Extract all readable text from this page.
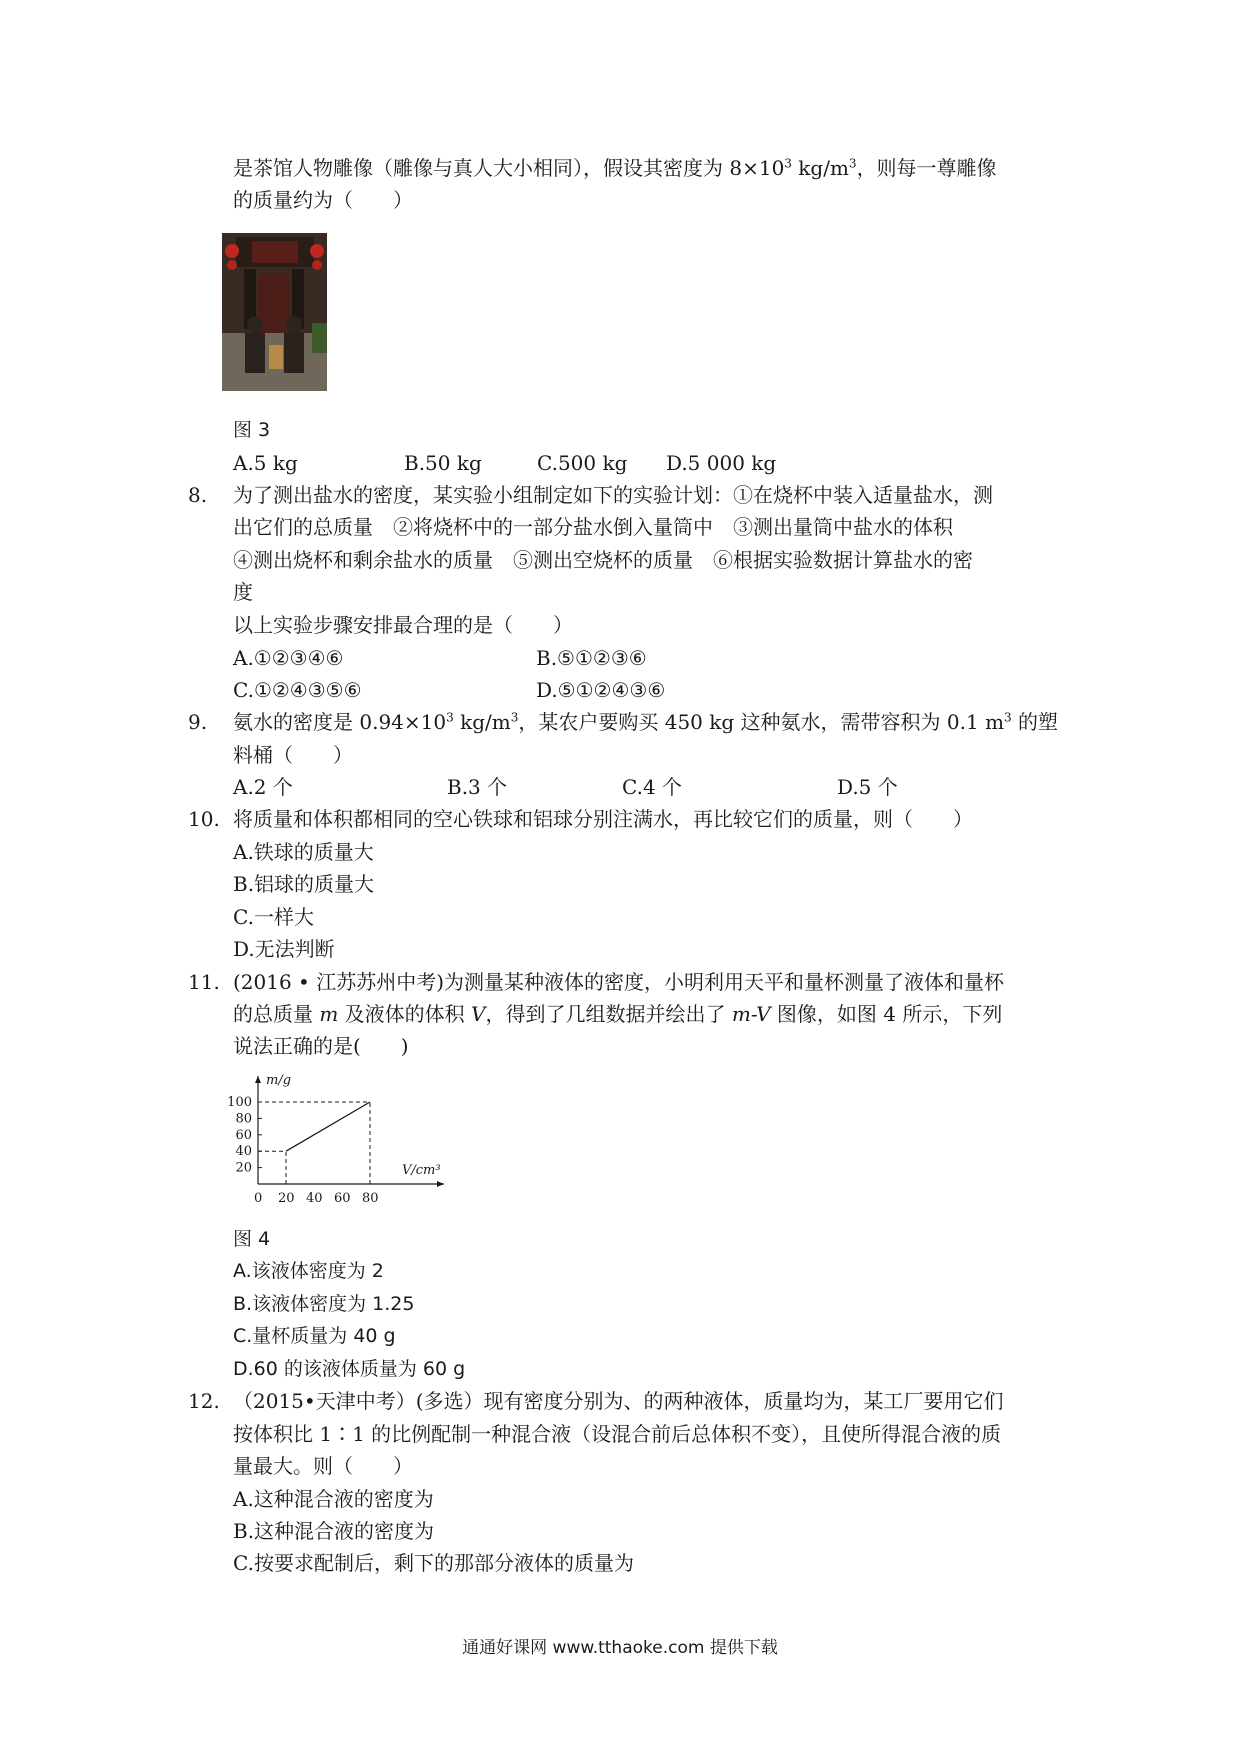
是茶馆人物雕像（雕像与真人大小相同），假设其密度为 $8\times 10^3$ $kg/m^3$，则每一尊雕像
的质量约为（　　）
图 3
A.5 kg	B.50 kg	C.500 kg D.5 000 kg
8. 为了测出盐水的密度，某实验小组制定如下的实验计划：①在烧杯中装入适量盐水，测
出它们的总质量　②将烧杯中的一部分盐水倒入量筒中　③测出量筒中盐水的体积
④测出烧杯和剩余盐水的质量　⑤测出空烧杯的质量　⑥根据实验数据计算盐水的密
度
以上实验步骤安排最合理的是（　　）
A.①②③④⑥	B.⑤①②③⑥
C.①②④③⑤⑥	D.⑤①②④③⑥
9. 氨水的密度是 $0.94\times 10^3$ $kg/m^3$，某农户要购买 450 kg 这种氨水，需带容积为 0.1 $m^3$ 的塑
料桶（　　）
A.2 个	B.3 个	C.4 个	D.5 个
10. 将质量和体积都相同的空心铁球和铝球分别注满水，再比较它们的质量，则（　　）
A.铁球的质量大
B.铝球的质量大
C.一样大
D.无法判断
11. (2016 • 江苏苏州中考)为测量某种液体的密度，小明利用天平和量杯测量了液体和量杯
的总质量 m 及液体的体积 V，得到了几组数据并绘出了 m-V 图像，如图 4 所示，下列
说法正确的是(　　)
0 20 40 60 80
20
40
60
80
100
m/g
V/cm³
图 4
A.该液体密度为 2
B.该液体密度为 1.25
C.量杯质量为 40 g
D.60 的该液体质量为 60 g
12. （2015•天津中考）(多选）现有密度分别为、的两种液体，质量均为，某工厂要用它们
按体积比 1∶1 的比例配制一种混合液（设混合前后总体积不变），且使所得混合液的质
量最大。则（　　）
A.这种混合液的密度为
B.这种混合液的密度为
C.按要求配制后，剩下的那部分液体的质量为
通通好课网 www.tthaoke.com 提供下载
